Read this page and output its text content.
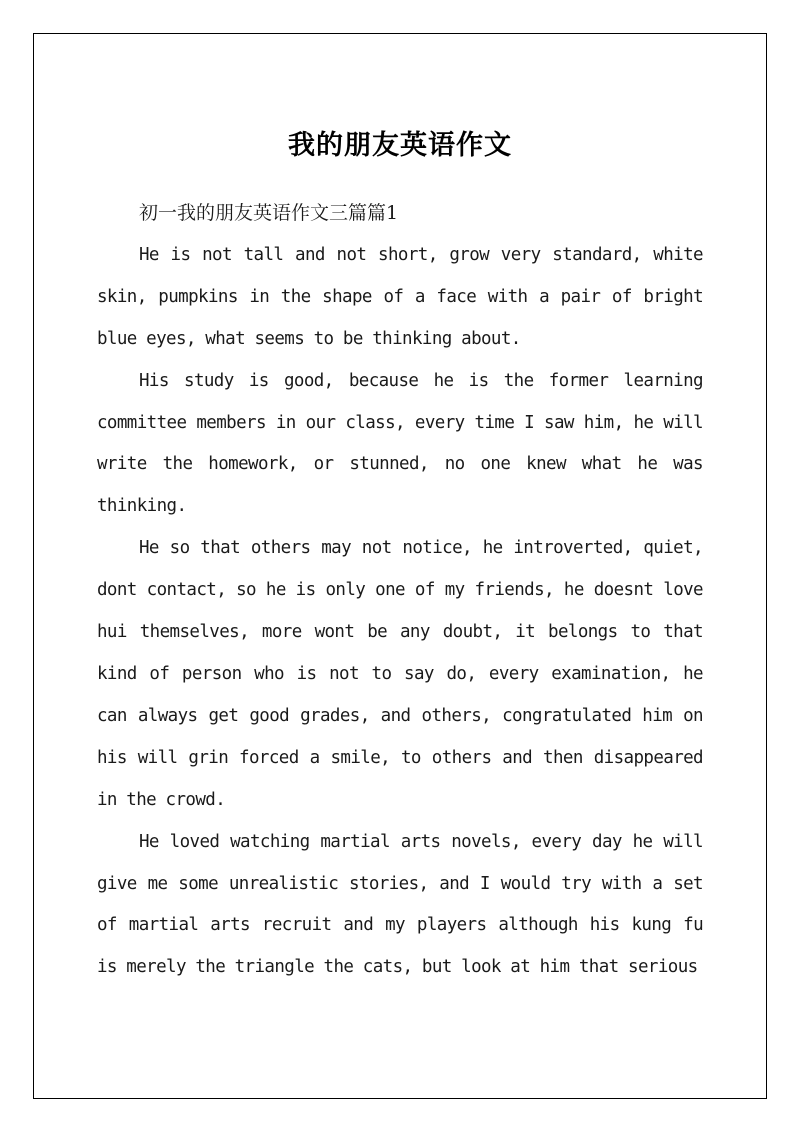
我的朋友英语作文

初一我的朋友英语作文三篇篇1

He is not tall and not short, grow very standard, white skin, pumpkins in the shape of a face with a pair of bright blue eyes, what seems to be thinking about.

His study is good, because he is the former learning committee members in our class, every time I saw him, he will write the homework, or stunned, no one knew what he was thinking.

He so that others may not notice, he introverted, quiet, dont contact, so he is only one of my friends, he doesnt love hui themselves, more wont be any doubt, it belongs to that kind of person who is not to say do, every examination, he can always get good grades, and others, congratulated him on his will grin forced a smile, to others and then disappeared in the crowd.

He loved watching martial arts novels, every day he will give me some unrealistic stories, and I would try with a set of martial arts recruit and my players although his kung fu is merely the triangle the cats, but look at him that serious
